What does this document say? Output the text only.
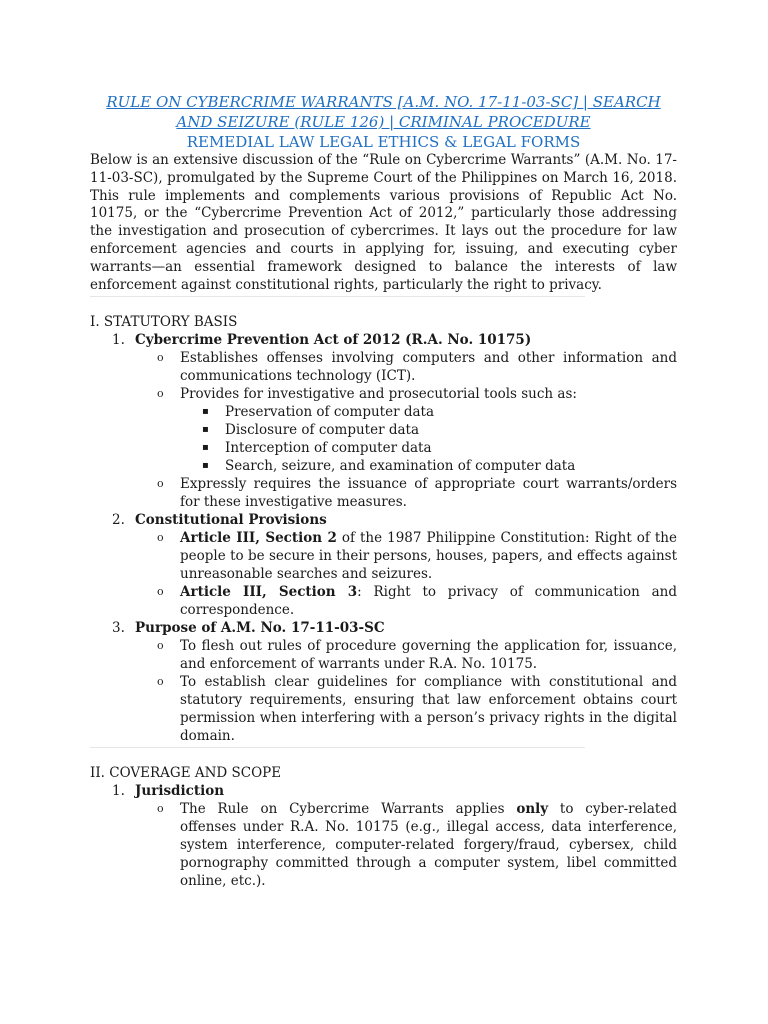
RULE ON CYBERCRIME WARRANTS [A.M. NO. 17-11-03-SC] | SEARCH
AND SEIZURE (RULE 126) | CRIMINAL PROCEDURE
REMEDIAL LAW LEGAL ETHICS & LEGAL FORMS

Below is an extensive discussion of the “Rule on Cybercrime Warrants” (A.M. No. 17-11-03-SC), promulgated by the Supreme Court of the Philippines on March 16, 2018. This rule implements and complements various provisions of Republic Act No. 10175, or the “Cybercrime Prevention Act of 2012,” particularly those addressing the investigation and prosecution of cybercrimes. It lays out the procedure for law enforcement agencies and courts in applying for, issuing, and executing cyber warrants—an essential framework designed to balance the interests of law enforcement against constitutional rights, particularly the right to privacy.

I. STATUTORY BASIS
1. Cybercrime Prevention Act of 2012 (R.A. No. 10175)
o Establishes offenses involving computers and other information and communications technology (ICT).
o Provides for investigative and prosecutorial tools such as:
▪ Preservation of computer data
▪ Disclosure of computer data
▪ Interception of computer data
▪ Search, seizure, and examination of computer data
o Expressly requires the issuance of appropriate court warrants/orders for these investigative measures.
2. Constitutional Provisions
o Article III, Section 2 of the 1987 Philippine Constitution: Right of the people to be secure in their persons, houses, papers, and effects against unreasonable searches and seizures.
o Article III, Section 3: Right to privacy of communication and correspondence.
3. Purpose of A.M. No. 17-11-03-SC
o To flesh out rules of procedure governing the application for, issuance, and enforcement of warrants under R.A. No. 10175.
o To establish clear guidelines for compliance with constitutional and statutory requirements, ensuring that law enforcement obtains court permission when interfering with a person’s privacy rights in the digital domain.
II. COVERAGE AND SCOPE
1. Jurisdiction
o The Rule on Cybercrime Warrants applies only to cyber-related offenses under R.A. No. 10175 (e.g., illegal access, data interference, system interference, computer-related forgery/fraud, cybersex, child pornography committed through a computer system, libel committed online, etc.).
